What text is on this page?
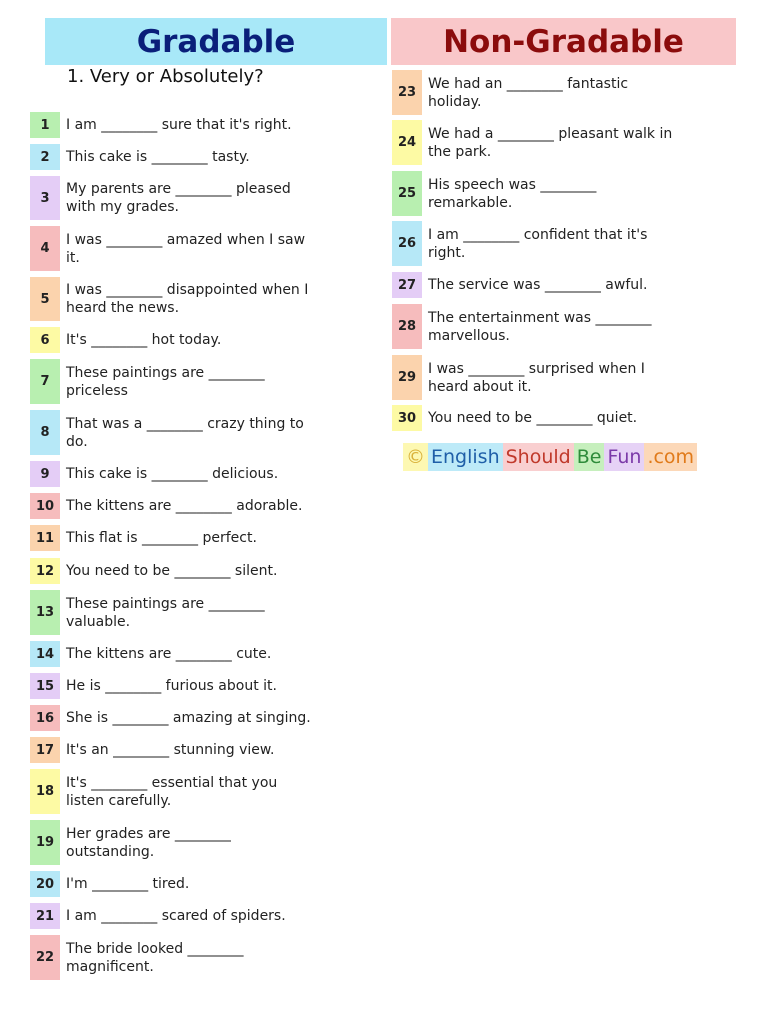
Gradable	Non-Gradable
1. Very or Absolutely?
1	I am ________ sure that it's right.
2	This cake is ________ tasty.
3
My parents are ________ pleased
with my grades.
4
I was ________ amazed when I saw
it.
5
I was ________ disappointed when I
heard the news.
6	It's ________ hot today.
7
These paintings are ________
priceless
8
That was a ________ crazy thing to
do.
9	This cake is ________ delicious.
10 The kittens are ________ adorable.
11 This flat is ________ perfect.
12 You need to be ________ silent.
13
These paintings are ________
valuable.
14 The kittens are ________ cute.
15 He is ________ furious about it.
16 She is ________ amazing at singing.
17 It's an ________ stunning view.
18
It's ________ essential that you
listen carefully.
19
Her grades are ________
outstanding.
20 I'm ________ tired.
21 I am ________ scared of spiders.
22
The bride looked ________
magnificent.
23
We had an ________ fantastic
holiday.
24
We had a ________ pleasant walk in
the park.
25
His speech was ________
remarkable.
26
I am ________ confident that it's
right.
27 The service was ________ awful.
28
The entertainment was ________
marvellous.
29
I was ________ surprised when I
heard about it.
30 You need to be ________ quiet.
© English Should Be Fun .com
